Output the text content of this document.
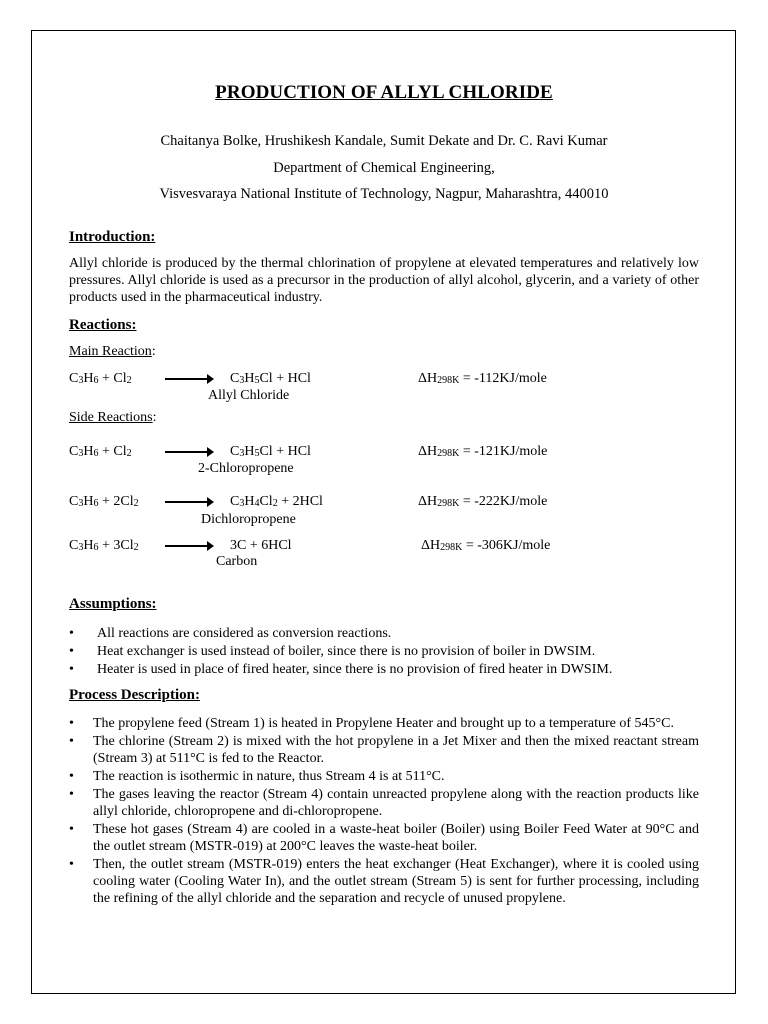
PRODUCTION OF ALLYL CHLORIDE
Chaitanya Bolke, Hrushikesh Kandale, Sumit Dekate and Dr. C. Ravi Kumar
Department of Chemical Engineering,
Visvesvaraya National Institute of Technology, Nagpur, Maharashtra, 440010
Introduction:
Allyl chloride is produced by the thermal chlorination of propylene at elevated temperatures and relatively low pressures. Allyl chloride is used as a precursor in the production of allyl alcohol, glycerin, and a variety of other products used in the pharmaceutical industry.
Reactions:
Main Reaction:
C3H6 + Cl2 → C3H5Cl + HCl	ΔH298K = -112KJ/mole
Allyl Chloride
Side Reactions:
C3H6 + Cl2 → C3H5Cl + HCl	ΔH298K = -121KJ/mole
2-Chloropropene
C3H6 + 2Cl2 → C3H4Cl2 + 2HCl	ΔH298K = -222KJ/mole
Dichloropropene
C3H6 + 3Cl2 → 3C + 6HCl	ΔH298K = -306KJ/mole
Carbon
Assumptions:
• All reactions are considered as conversion reactions.
• Heat exchanger is used instead of boiler, since there is no provision of boiler in DWSIM.
• Heater is used in place of fired heater, since there is no provision of fired heater in DWSIM.
Process Description:
• The propylene feed (Stream 1) is heated in Propylene Heater and brought up to a temperature of 545°C.
• The chlorine (Stream 2) is mixed with the hot propylene in a Jet Mixer and then the mixed reactant stream (Stream 3) at 511°C is fed to the Reactor.
• The reaction is isothermic in nature, thus Stream 4 is at 511°C.
• The gases leaving the reactor (Stream 4) contain unreacted propylene along with the reaction products like allyl chloride, chloropropene and di-chloropropene.
• These hot gases (Stream 4) are cooled in a waste-heat boiler (Boiler) using Boiler Feed Water at 90°C and the outlet stream (MSTR-019) at 200°C leaves the waste-heat boiler.
• Then, the outlet stream (MSTR-019) enters the heat exchanger (Heat Exchanger), where it is cooled using cooling water (Cooling Water In), and the outlet stream (Stream 5) is sent for further processing, including the refining of the allyl chloride and the separation and recycle of unused propylene.
